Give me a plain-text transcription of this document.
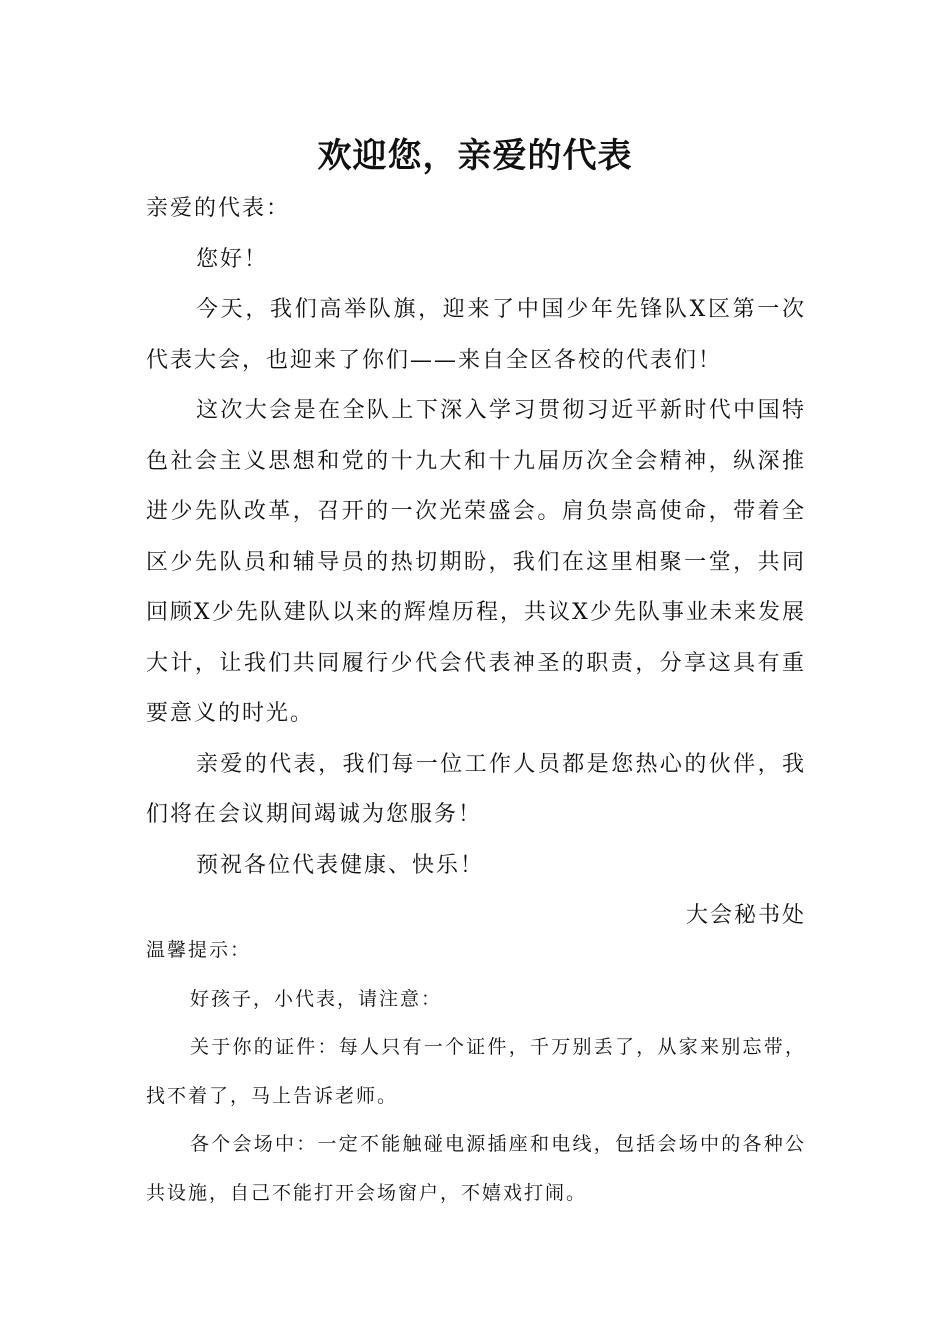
欢迎您，亲爱的代表

亲爱的代表：

您好！

今天，我们高举队旗，迎来了中国少年先锋队X区第一次代表大会，也迎来了你们——来自全区各校的代表们！

这次大会是在全队上下深入学习贯彻习近平新时代中国特色社会主义思想和党的十九大和十九届历次全会精神，纵深推进少先队改革，召开的一次光荣盛会。肩负崇高使命，带着全区少先队员和辅导员的热切期盼，我们在这里相聚一堂，共同回顾X少先队建队以来的辉煌历程，共议X少先队事业未来发展大计，让我们共同履行少代会代表神圣的职责，分享这具有重要意义的时光。

亲爱的代表，我们每一位工作人员都是您热心的伙伴，我们将在会议期间竭诚为您服务！

预祝各位代表健康、快乐！

大会秘书处

温馨提示：

好孩子，小代表，请注意：

关于你的证件：每人只有一个证件，千万别丢了，从家来别忘带，找不着了，马上告诉老师。

各个会场中：一定不能触碰电源插座和电线，包括会场中的各种公共设施，自己不能打开会场窗户，不嬉戏打闹。
